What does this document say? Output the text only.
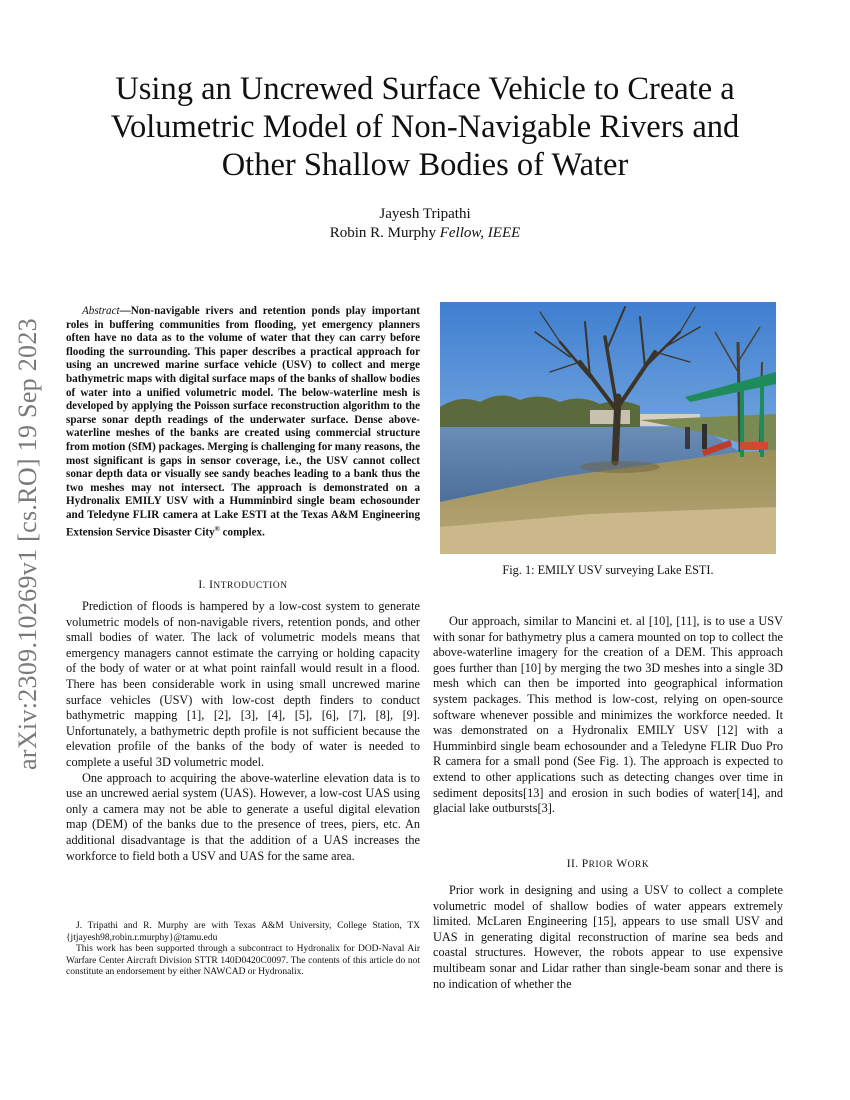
arXiv:2309.10269v1 [cs.RO] 19 Sep 2023
Using an Uncrewed Surface Vehicle to Create a Volumetric Model of Non-Navigable Rivers and Other Shallow Bodies of Water
Jayesh Tripathi
Robin R. Murphy Fellow, IEEE

Abstract—Non-navigable rivers and retention ponds play important roles in buffering communities from flooding, yet emergency planners often have no data as to the volume of water that they can carry before flooding the surrounding. This paper describes a practical approach for using an uncrewed marine surface vehicle (USV) to collect and merge bathymetric maps with digital surface maps of the banks of shallow bodies of water into a unified volumetric model. The below-waterline mesh is developed by applying the Poisson surface reconstruction algorithm to the sparse sonar depth readings of the underwater surface. Dense above-waterline meshes of the banks are created using commercial structure from motion (SfM) packages. Merging is challenging for many reasons, the most significant is gaps in sensor coverage, i.e., the USV cannot collect sonar depth data or visually see sandy beaches leading to a bank thus the two meshes may not intersect. The approach is demonstrated on a Hydronalix EMILY USV with a Humminbird single beam echosounder and Teledyne FLIR camera at Lake ESTI at the Texas A&M Engineering Extension Service Disaster City® complex.

I. INTRODUCTION

Prediction of floods is hampered by a low-cost system to generate volumetric models of non-navigable rivers, retention ponds, and other small bodies of water. The lack of volumetric models means that emergency managers cannot estimate the carrying or holding capacity of the body of water or at what point rainfall would result in a flood. There has been considerable work in using small uncrewed marine surface vehicles (USV) with low-cost depth finders to conduct bathymetric mapping [1], [2], [3], [4], [5], [6], [7], [8], [9]. Unfortunately, a bathymetric depth profile is not sufficient because the elevation profile of the banks of the body of water is needed to complete a useful 3D volumetric model.

One approach to acquiring the above-waterline elevation data is to use an uncrewed aerial system (UAS). However, a low-cost UAS using only a camera may not be able to generate a useful digital elevation map (DEM) of the banks due to the presence of trees, piers, etc. An additional disadvantage is that the addition of a UAS increases the workforce to field both a USV and UAS for the same area.

J. Tripathi and R. Murphy are with Texas A&M University, College Station, TX {jtjayesh98,robin.r.murphy}@tamu.edu

This work has been supported through a subcontract to Hydronalix for DOD-Naval Air Warfare Center Aircraft Division STTR 140D0420C0097. The contents of this article do not constitute an endorsement by either NAWCAD or Hydronalix.

Fig. 1: EMILY USV surveying Lake ESTI.

Our approach, similar to Mancini et. al [10], [11], is to use a USV with sonar for bathymetry plus a camera mounted on top to collect the above-waterline imagery for the creation of a DEM. This approach goes further than [10] by merging the two 3D meshes into a single 3D mesh which can then be imported into geographical information system packages. This method is low-cost, relying on open-source software whenever possible and minimizes the workforce needed. It was demonstrated on a Hydronalix EMILY USV [12] with a Humminbird single beam echosounder and a Teledyne FLIR Duo Pro R camera for a small pond (See Fig. 1). The approach is expected to extend to other applications such as detecting changes over time in sediment deposits[13] and erosion in such bodies of water[14], and glacial lake outbursts[3].

II. PRIOR WORK

Prior work in designing and using a USV to collect a complete volumetric model of shallow bodies of water appears extremely limited. McLaren Engineering [15], appears to use small USV and UAS in generating digital reconstruction of marine sea beds and coastal structures. However, the robots appear to use expensive multibeam sonar and Lidar rather than single-beam sonar and there is no indication of whether the
